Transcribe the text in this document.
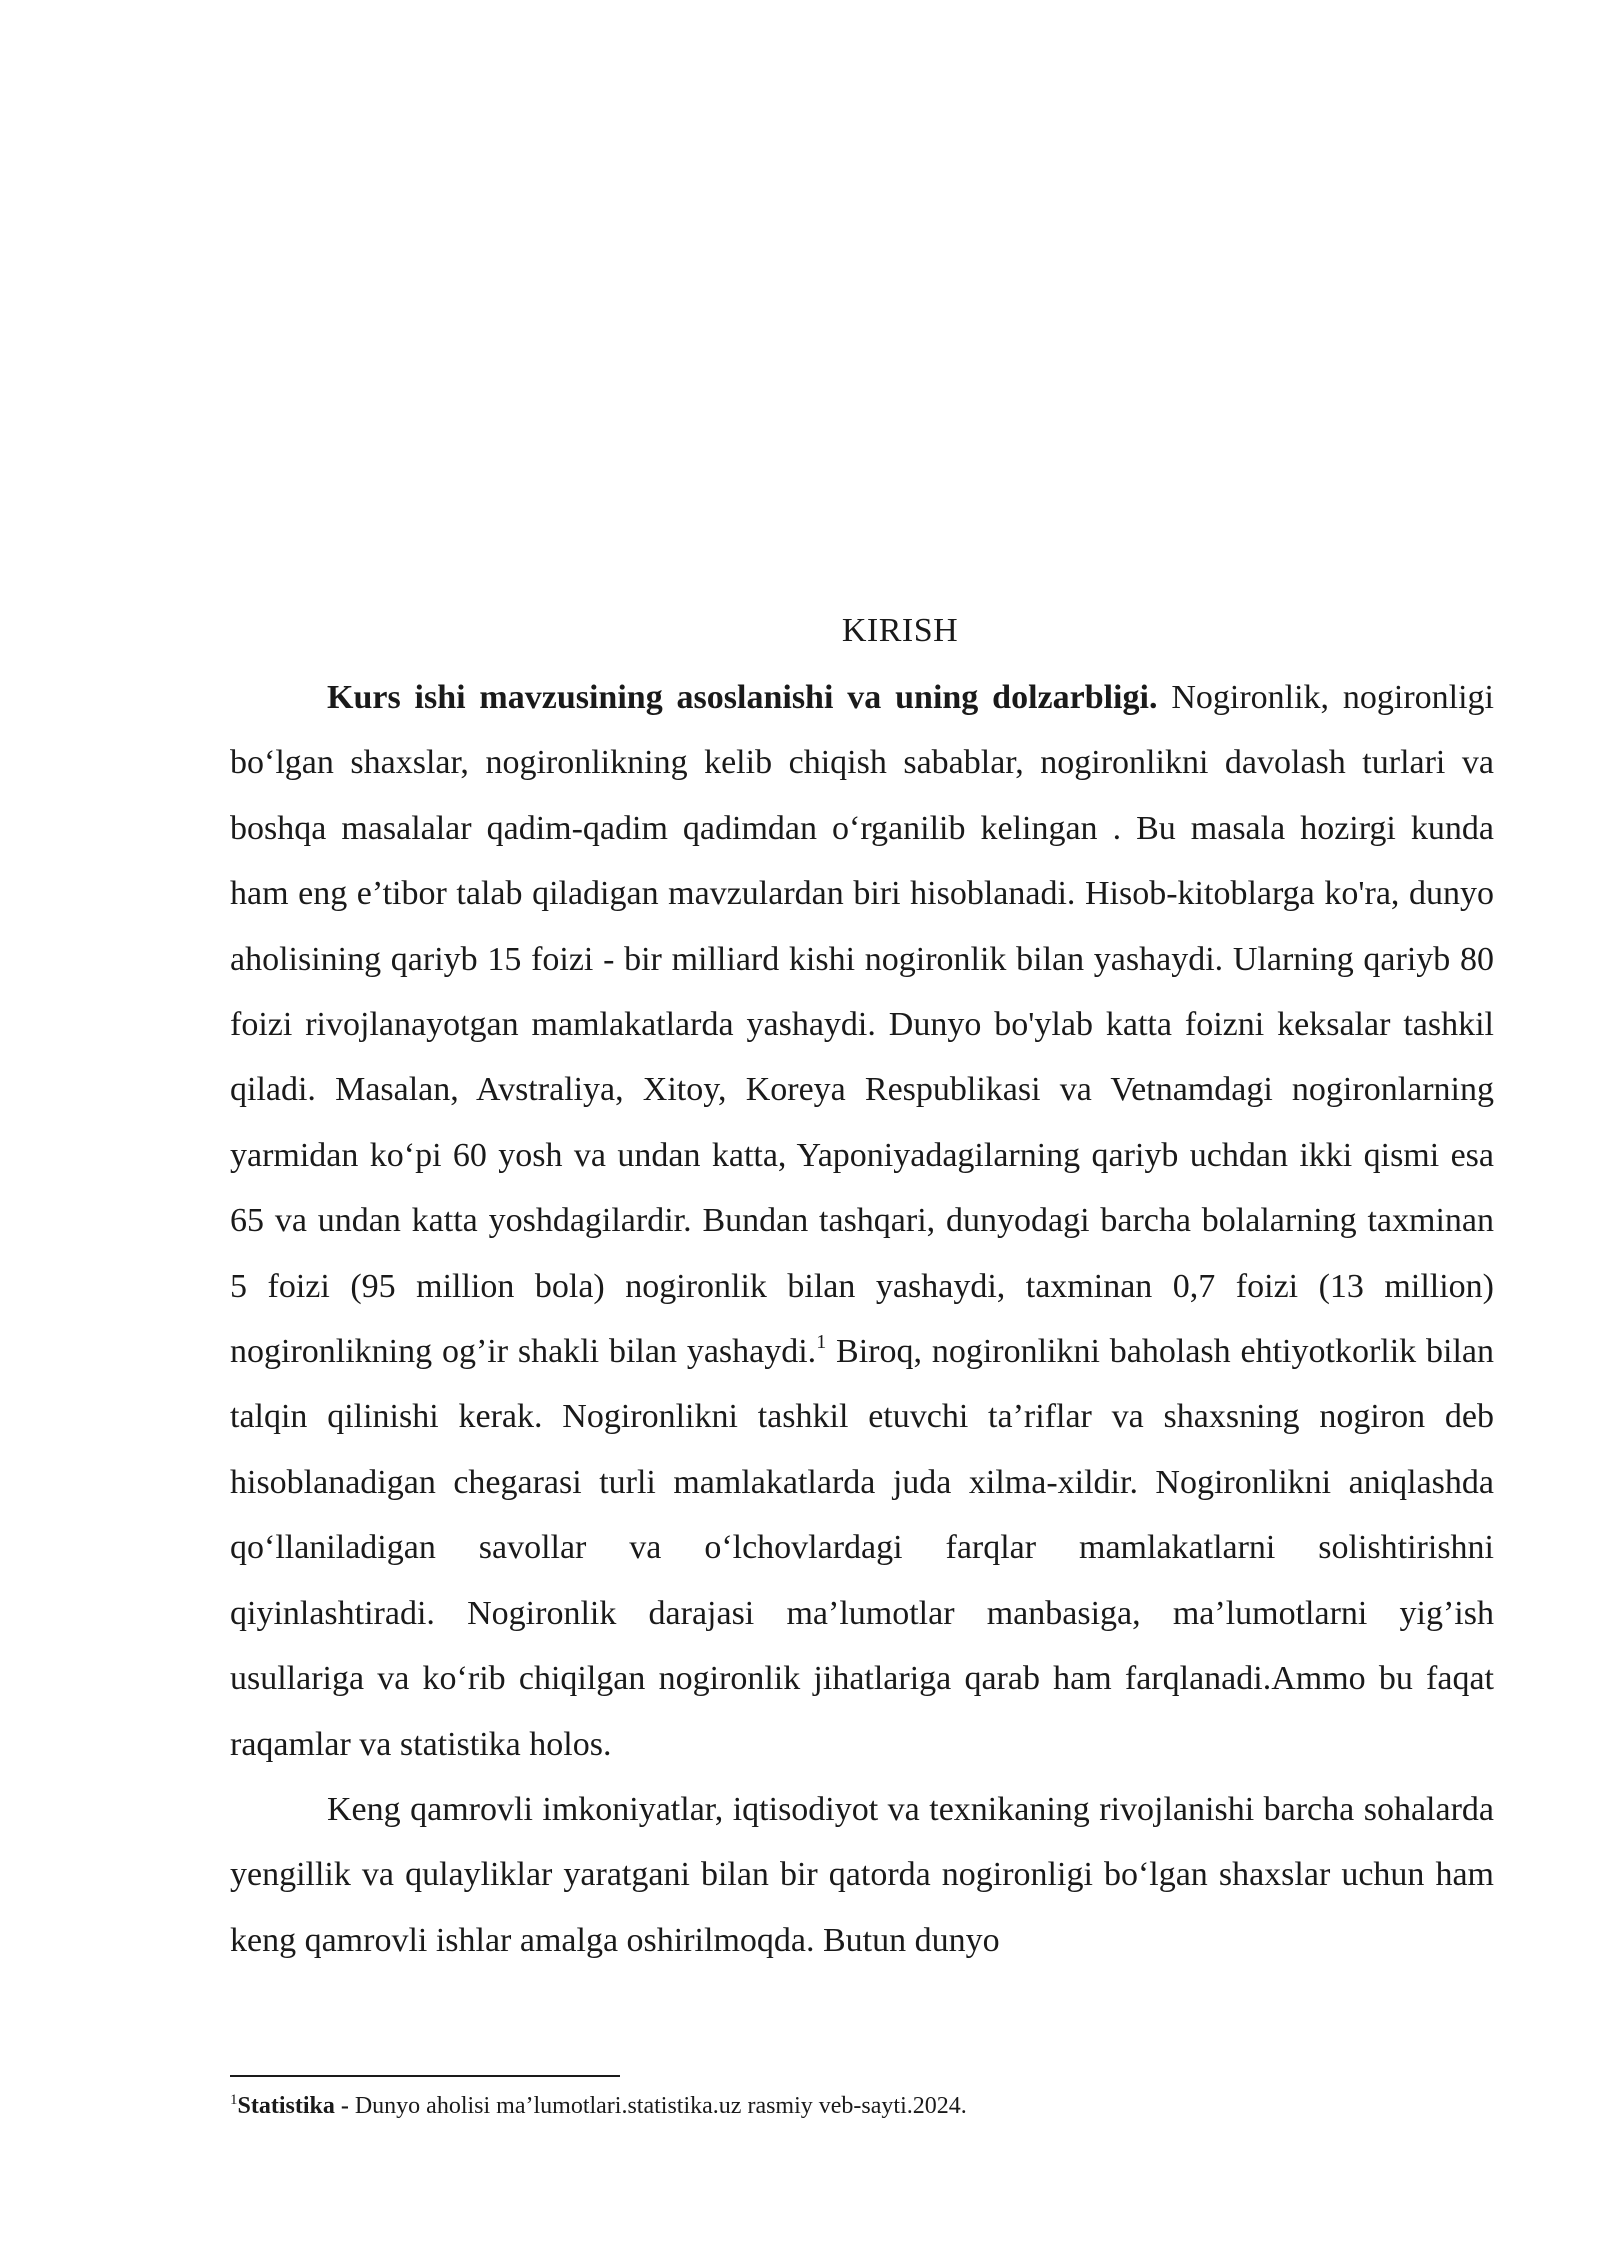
KIRISH

Kurs ishi mavzusining asoslanishi va uning dolzarbligi. Nogironlik, nogironligi bo‘lgan shaxslar, nogironlikning kelib chiqish sabablar, nogironlikni davolash turlari va boshqa masalalar qadim-qadim qadimdan o‘rganilib kelingan . Bu masala hozirgi kunda ham eng e’tibor talab qiladigan mavzulardan biri hisoblanadi. Hisob-kitoblarga ko'ra, dunyo aholisining qariyb 15 foizi - bir milliard kishi nogironlik bilan yashaydi. Ularning qariyb 80 foizi rivojlanayotgan mamlakatlarda yashaydi. Dunyo bo'ylab katta foizni keksalar tashkil qiladi. Masalan, Avstraliya, Xitoy, Koreya Respublikasi va Vetnamdagi nogironlarning yarmidan ko‘pi 60 yosh va undan katta, Yaponiyadagilarning qariyb uchdan ikki qismi esa 65 va undan katta yoshdagilardir. Bundan tashqari, dunyodagi barcha bolalarning taxminan 5 foizi (95 million bola) nogironlik bilan yashaydi, taxminan 0,7 foizi (13 million) nogironlikning og’ir shakli bilan yashaydi.$^1$ Biroq, nogironlikni baholash ehtiyotkorlik bilan talqin qilinishi kerak. Nogironlikni tashkil etuvchi ta’riflar va shaxsning nogiron deb hisoblanadigan chegarasi turli mamlakatlarda juda xilma-xildir. Nogironlikni aniqlashda qo‘llaniladigan savollar va o‘lchovlardagi farqlar mamlakatlarni solishtirishni qiyinlashtiradi. Nogironlik darajasi ma’lumotlar manbasiga, ma’lumotlarni yig’ish usullariga va ko‘rib chiqilgan nogironlik jihatlariga qarab ham farqlanadi.Ammo bu faqat raqamlar va statistika holos.

Keng qamrovli imkoniyatlar, iqtisodiyot va texnikaning rivojlanishi barcha sohalarda yengillik va qulayliklar yaratgani bilan bir qatorda nogironligi bo‘lgan shaxslar uchun ham keng qamrovli ishlar amalga oshirilmoqda. Butun dunyo

$^1$Statistika - Dunyo aholisi ma’lumotlari.statistika.uz rasmiy veb-sayti.2024.
